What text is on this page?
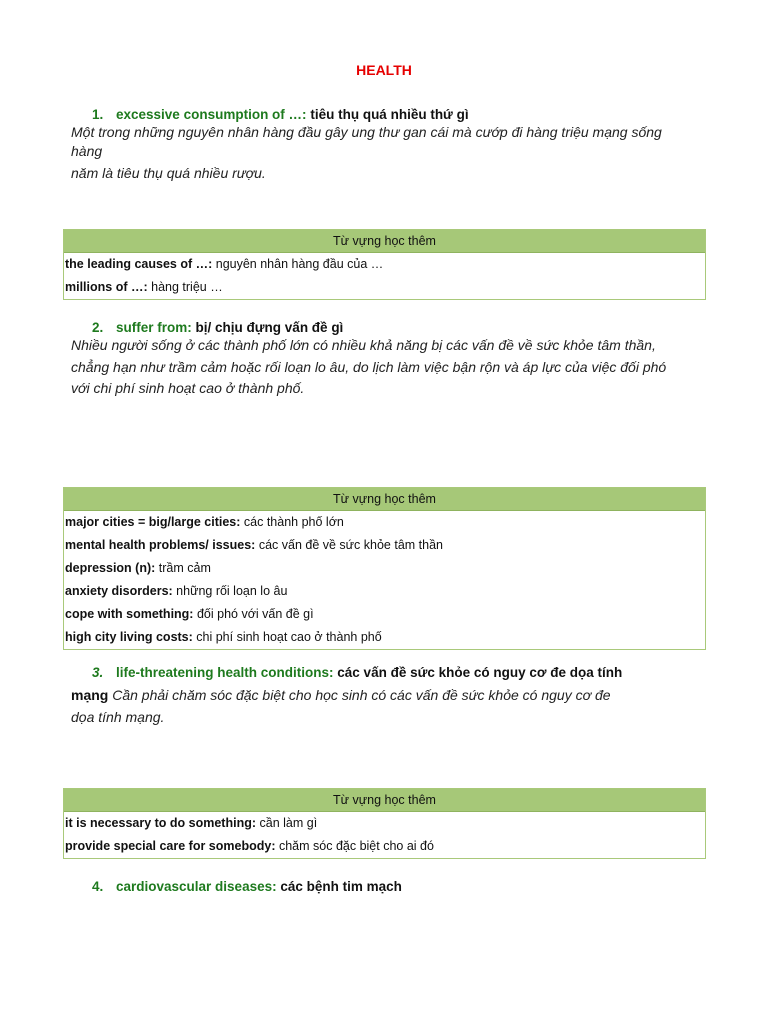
HEALTH
1. excessive consumption of …: tiêu thụ quá nhiều thứ gì
Một trong những nguyên nhân hàng đầu gây ung thư gan cái mà cướp đi hàng triệu mạng sống
hàng
năm là tiêu thụ quá nhiều rượu.
Từ vựng học thêm
the leading causes of …: nguyên nhân hàng đầu của …
millions of …: hàng triệu …
2. suffer from: bị/ chịu đựng vấn đề gì
Nhiều người sống ở các thành phố lớn có nhiều khả năng bị các vấn đề về sức khỏe tâm thần,
chẳng hạn như trầm cảm hoặc rối loạn lo âu, do lịch làm việc bận rộn và áp lực của việc đối phó
với chi phí sinh hoạt cao ở thành phố.
Từ vựng học thêm
major cities = big/large cities: các thành phố lớn
mental health problems/ issues: các vấn đề về sức khỏe tâm thần
depression (n): trầm cảm
anxiety disorders: những rối loạn lo âu
cope with something: đối phó với vấn đề gì
high city living costs: chi phí sinh hoạt cao ở thành phố
3. life-threatening health conditions: các vấn đề sức khỏe có nguy cơ đe dọa tính
mạng Cần phải chăm sóc đặc biệt cho học sinh có các vấn đề sức khỏe có nguy cơ đe
dọa tính mạng.
Từ vựng học thêm
it is necessary to do something: cần làm gì
provide special care for somebody: chăm sóc đặc biệt cho ai đó
4. cardiovascular diseases: các bệnh tim mạch
